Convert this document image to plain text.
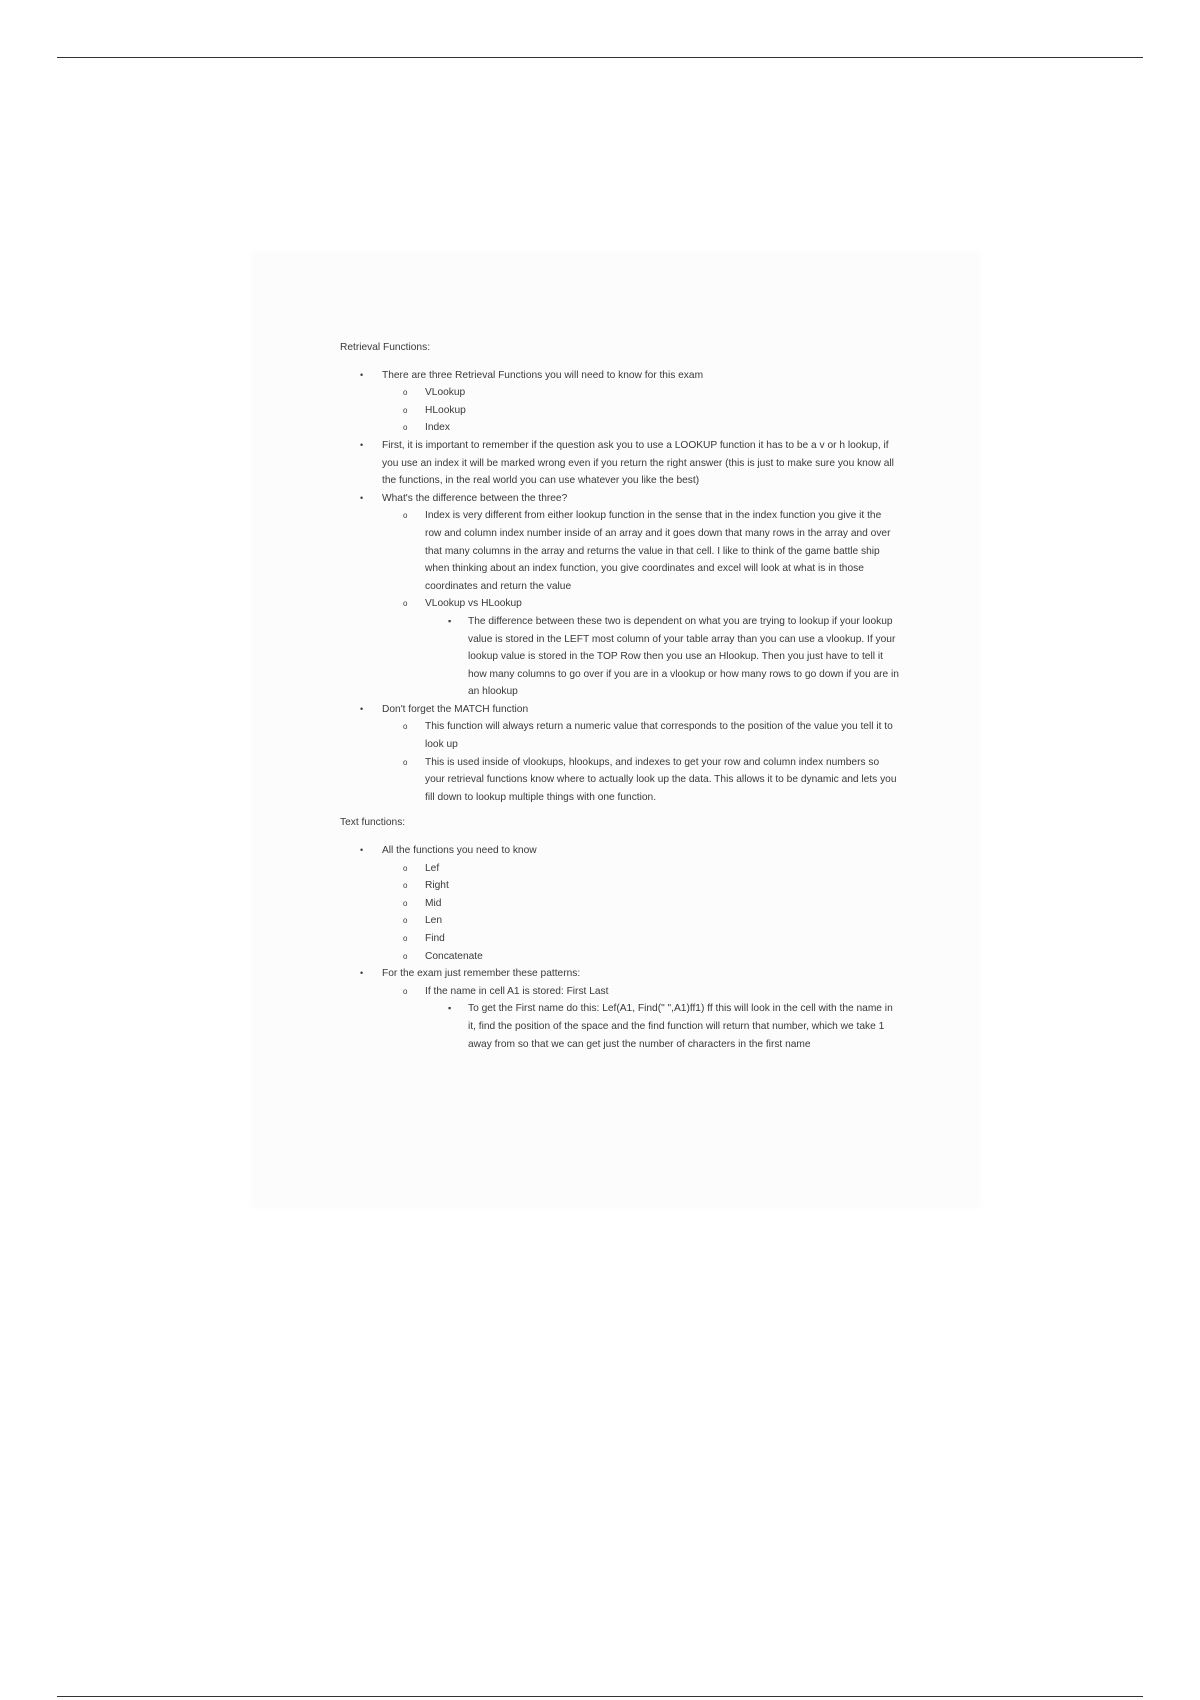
Retrieval Functions:
• There are three Retrieval Functions you will need to know for this exam
o VLookup
o HLookup
o Index
• First, it is important to remember if the question ask you to use a LOOKUP function it has to be a v or h lookup, if you use an index it will be marked wrong even if you return the right answer (this is just to make sure you know all the functions, in the real world you can use whatever you like the best)
• What's the difference between the three?
o Index is very different from either lookup function in the sense that in the index function you give it the row and column index number inside of an array and it goes down that many rows in the array and over that many columns in the array and returns the value in that cell. I like to think of the game battle ship when thinking about an index function, you give coordinates and excel will look at what is in those coordinates and return the value
o VLookup vs HLookup
▪ The difference between these two is dependent on what you are trying to lookup if your lookup value is stored in the LEFT most column of your table array than you can use a vlookup. If your lookup value is stored in the TOP Row then you use an Hlookup. Then you just have to tell it how many columns to go over if you are in a vlookup or how many rows to go down if you are in an hlookup
• Don't forget the MATCH function
o This function will always return a numeric value that corresponds to the position of the value you tell it to look up
o This is used inside of vlookups, hlookups, and indexes to get your row and column index numbers so your retrieval functions know where to actually look up the data. This allows it to be dynamic and lets you fill down to lookup multiple things with one function.
Text functions:
• All the functions you need to know
o Lef
o Right
o Mid
o Len
o Find
o Concatenate
• For the exam just remember these patterns:
o If the name in cell A1 is stored: First Last
▪ To get the First name do this: Lef(A1, Find(" ",A1)ff1) ff this will look in the cell with the name in it, find the position of the space and the find function will return that number, which we take 1 away from so that we can get just the number of characters in the first name
